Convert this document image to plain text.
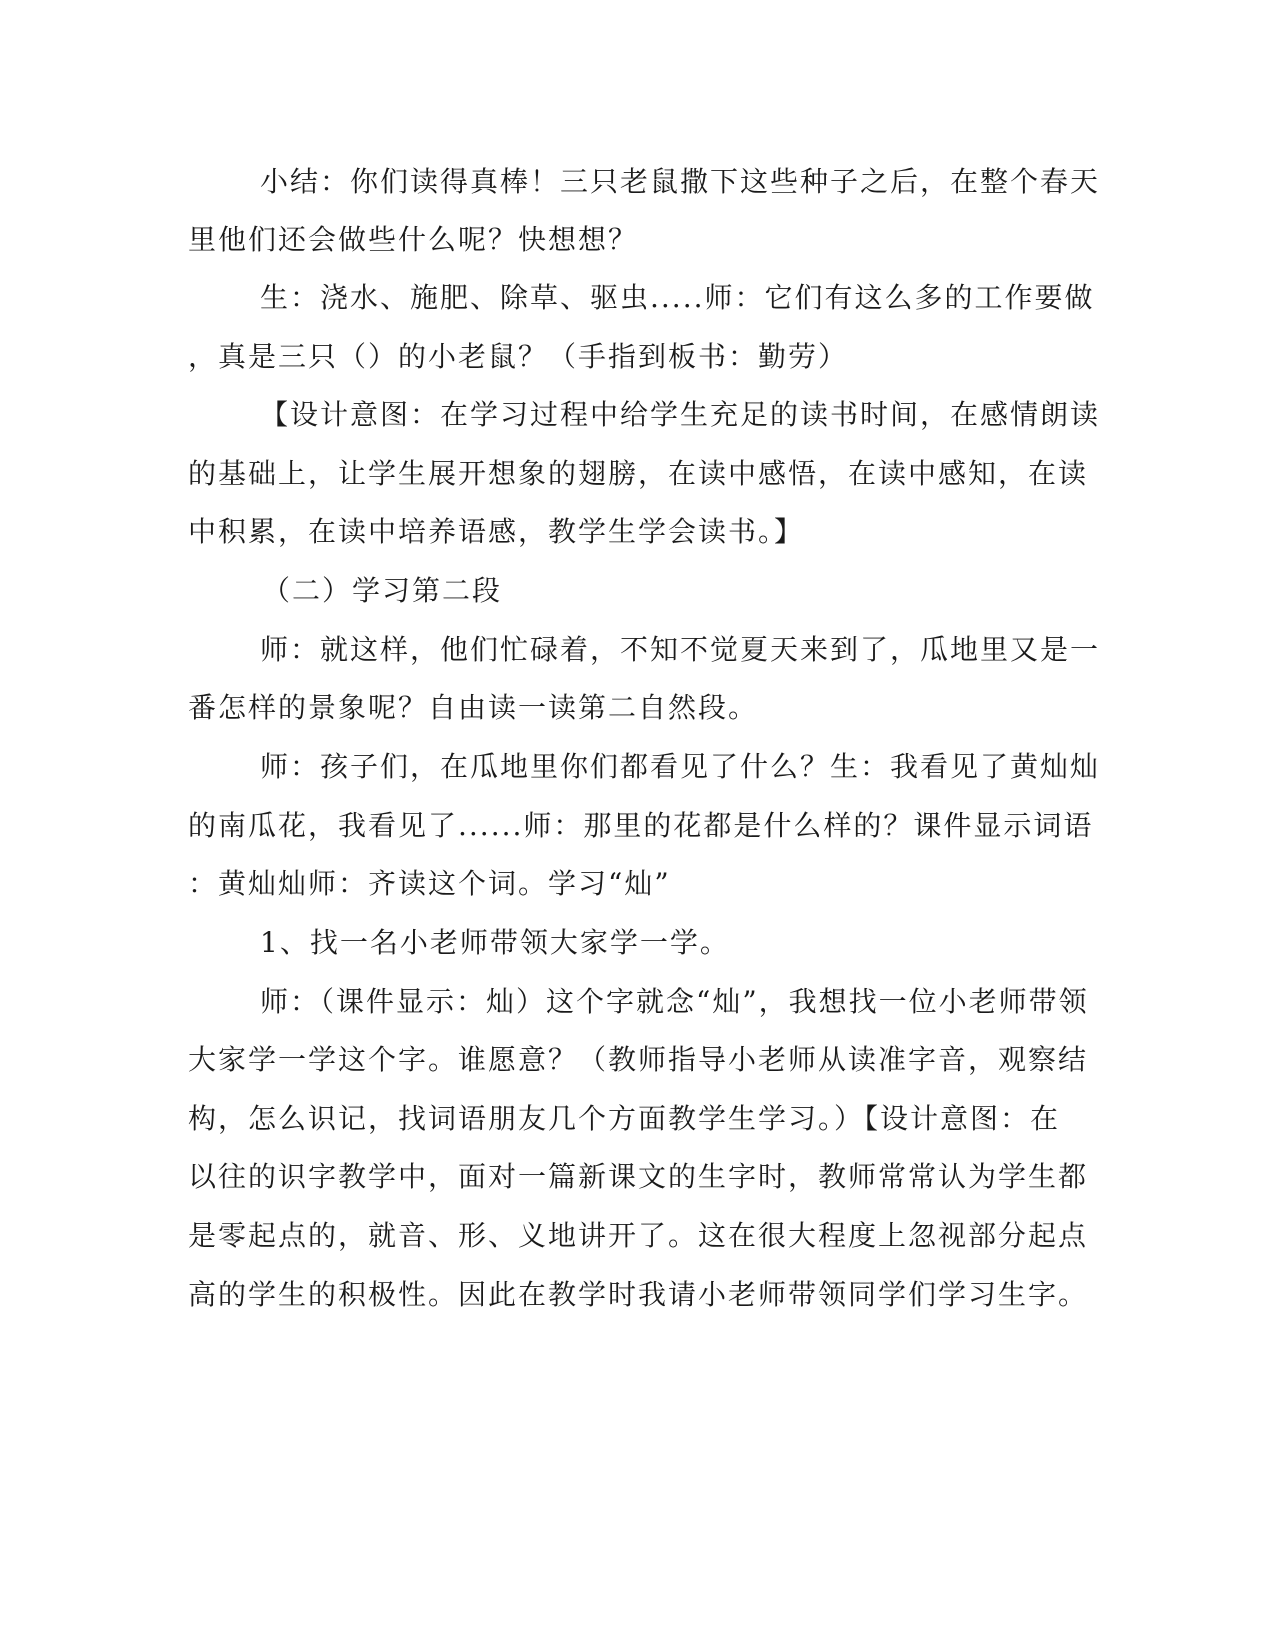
小结：你们读得真棒！三只老鼠撒下这些种子之后，在整个春天
里他们还会做些什么呢？快想想？
生：浇水、施肥、除草、驱虫.....师：它们有这么多的工作要做
，真是三只（）的小老鼠？（手指到板书：勤劳）
【设计意图：在学习过程中给学生充足的读书时间，在感情朗读
的基础上，让学生展开想象的翅膀，在读中感悟，在读中感知，在读
中积累，在读中培养语感，教学生学会读书。】
（二）学习第二段
师：就这样，他们忙碌着，不知不觉夏天来到了，瓜地里又是一
番怎样的景象呢？自由读一读第二自然段。
师：孩子们，在瓜地里你们都看见了什么？生：我看见了黄灿灿
的南瓜花，我看见了......师：那里的花都是什么样的？课件显示词语
：黄灿灿师：齐读这个词。学习“灿”
1、找一名小老师带领大家学一学。
师：（课件显示：灿）这个字就念“灿”，我想找一位小老师带领
大家学一学这个字。谁愿意？（教师指导小老师从读准字音，观察结
构，怎么识记，找词语朋友几个方面教学生学习。）【设计意图：在
以往的识字教学中，面对一篇新课文的生字时，教师常常认为学生都
是零起点的，就音、形、义地讲开了。这在很大程度上忽视部分起点
高的学生的积极性。因此在教学时我请小老师带领同学们学习生字。
